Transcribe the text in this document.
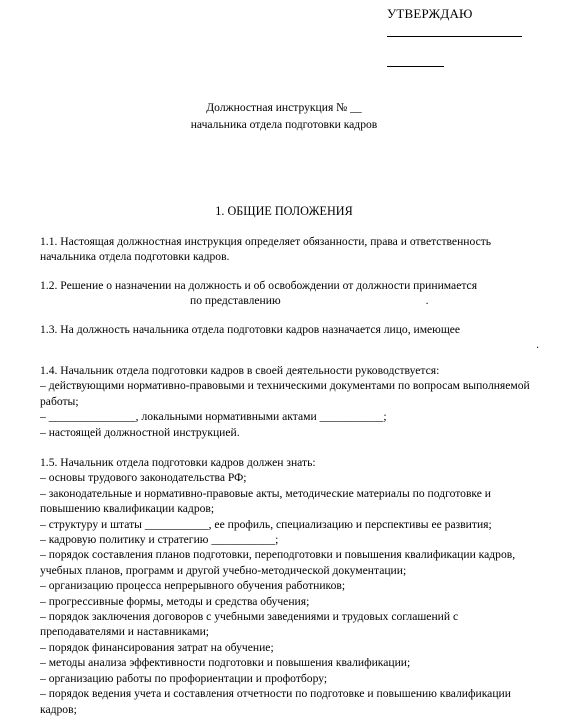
УТВЕРЖДАЮ
Должностная инструкция № __
начальника отдела подготовки кадров
1. ОБЩИЕ ПОЛОЖЕНИЯ

1.1. Настоящая должностная инструкция определяет обязанности, права и ответственность начальника отдела подготовки кадров.

1.2. Решение о назначении на должность и об освобождении от должности принимается

по представлению	.

1.3. На должность начальника отдела подготовки кадров назначается лицо, имеющее

.

1.4. Начальник отдела подготовки кадров в своей деятельности руководствуется:

– действующими нормативно-правовыми и техническими документами по вопросам выполняемой работы;

– _______________, локальными нормативными актами ___________;

– настоящей должностной инструкцией.

1.5. Начальник отдела подготовки кадров должен знать:

– основы трудового законодательства РФ;

– законодательные и нормативно-правовые акты, методические материалы по подготовке и повышению квалификации кадров;

– структуру и штаты ___________, ее профиль, специализацию и перспективы ее развития;

– кадровую политику и стратегию ___________;

– порядок составления планов подготовки, переподготовки и повышения квалификации кадров, учебных планов, программ и другой учебно-методической документации;

– организацию процесса непрерывного обучения работников;

– прогрессивные формы, методы и средства обучения;

– порядок заключения договоров с учебными заведениями и трудовых соглашений с преподавателями и наставниками;

– порядок финансирования затрат на обучение;

– методы анализа эффективности подготовки и повышения квалификации;

– организацию работы по профориентации и профотбору;

– порядок ведения учета и составления отчетности по подготовке и повышению квалификации кадров;
